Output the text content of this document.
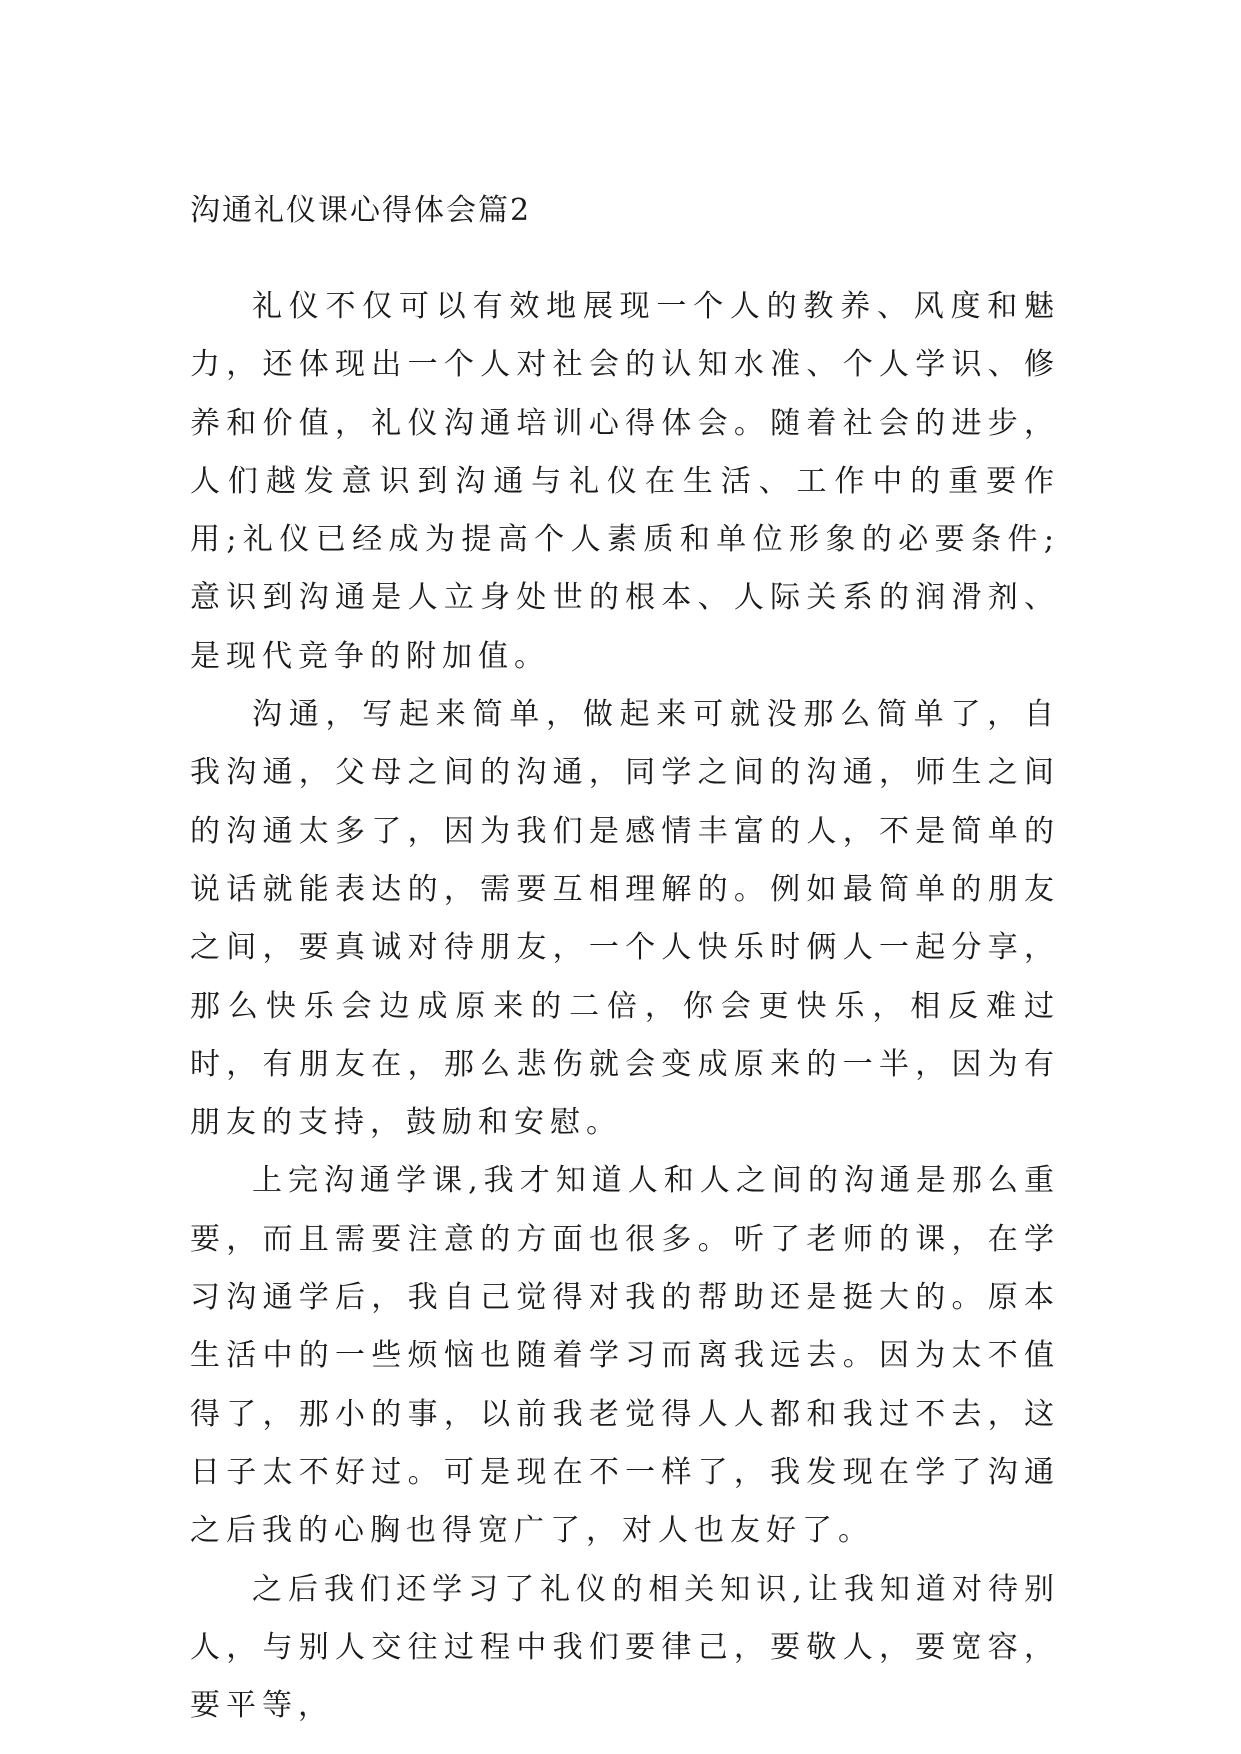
沟通礼仪课心得体会篇2

礼仪不仅可以有效地展现一个人的教养、风度和魅力，还体现出一个人对社会的认知水准、个人学识、修养和价值，礼仪沟通培训心得体会。随着社会的进步，人们越发意识到沟通与礼仪在生活、工作中的重要作用;礼仪已经成为提高个人素质和单位形象的必要条件;意识到沟通是人立身处世的根本、人际关系的润滑剂、是现代竞争的附加值。

沟通，写起来简单，做起来可就没那么简单了，自我沟通，父母之间的沟通，同学之间的沟通，师生之间的沟通太多了，因为我们是感情丰富的人，不是简单的说话就能表达的，需要互相理解的。例如最简单的朋友之间，要真诚对待朋友，一个人快乐时俩人一起分享，那么快乐会边成原来的二倍，你会更快乐，相反难过时，有朋友在，那么悲伤就会变成原来的一半，因为有朋友的支持，鼓励和安慰。

上完沟通学课,我才知道人和人之间的沟通是那么重要，而且需要注意的方面也很多。听了老师的课，在学习沟通学后，我自己觉得对我的帮助还是挺大的。原本生活中的一些烦恼也随着学习而离我远去。因为太不值得了，那小的事，以前我老觉得人人都和我过不去，这日子太不好过。可是现在不一样了，我发现在学了沟通之后我的心胸也得宽广了，对人也友好了。

之后我们还学习了礼仪的相关知识,让我知道对待别人，与别人交往过程中我们要律己，要敬人，要宽容，要平等，
